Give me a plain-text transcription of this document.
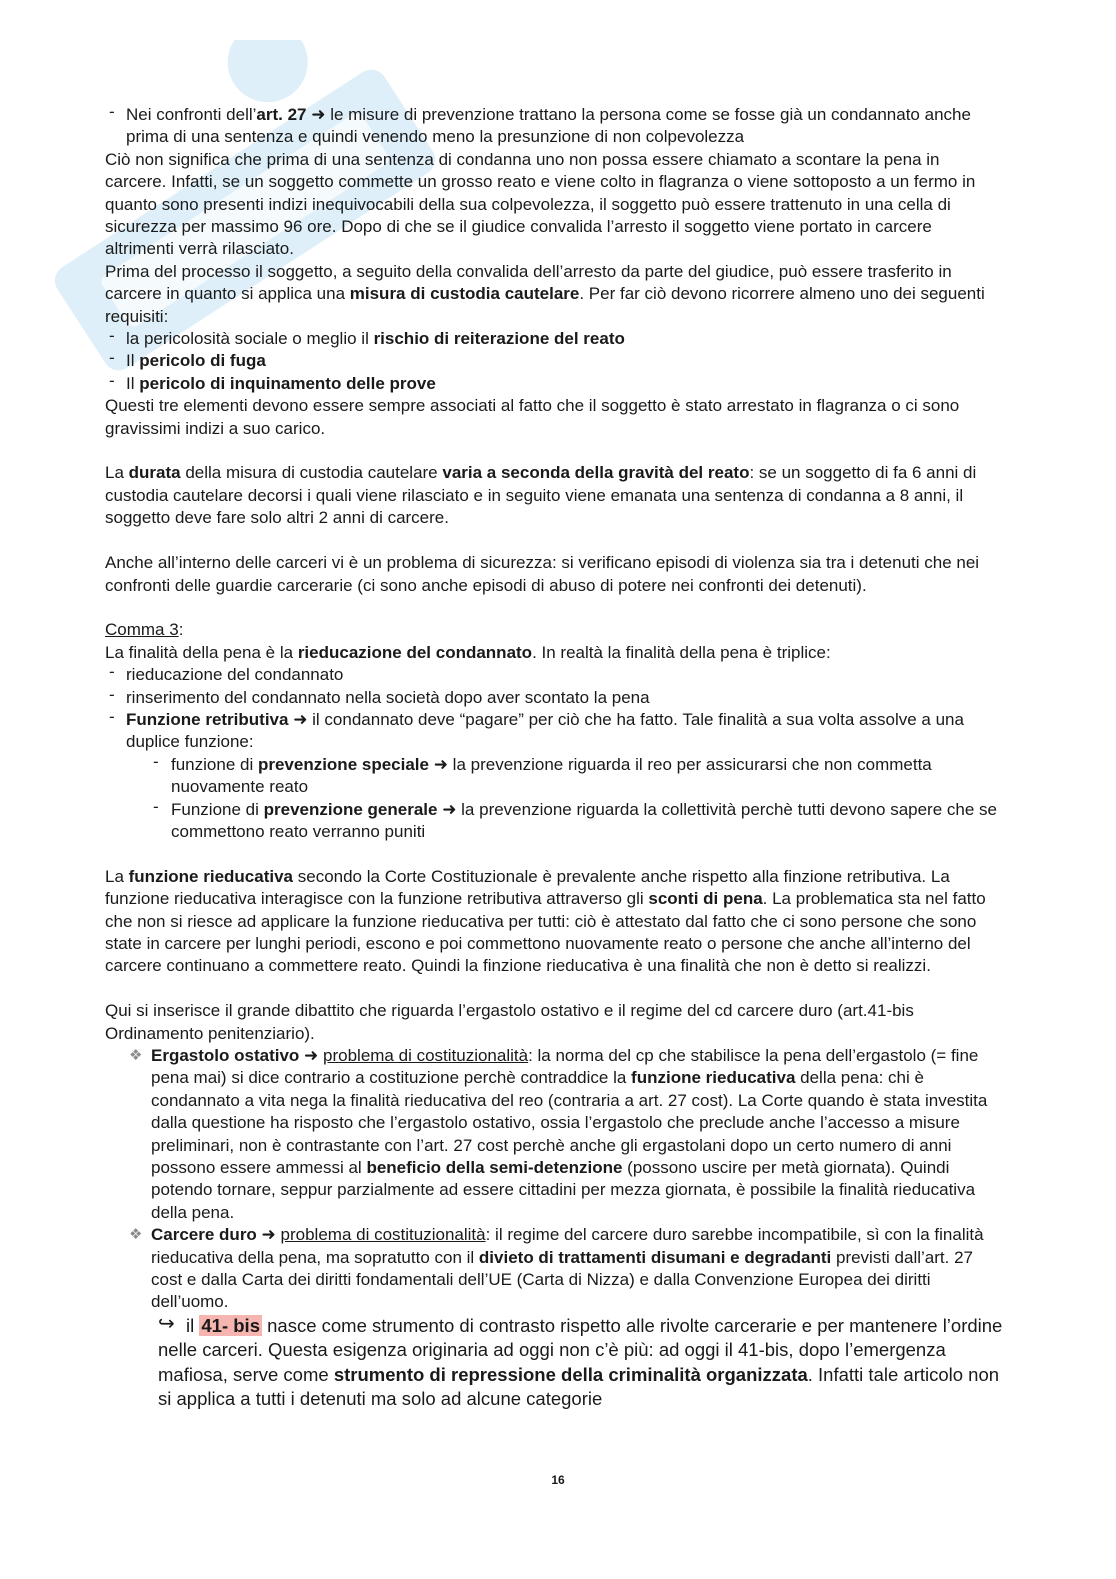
- Nei confronti dell’art. 27 ➜ le misure di prevenzione trattano la persona come se fosse già un condannato anche prima di una sentenza e quindi venendo meno la presunzione di non colpevolezza

Ciò non significa che prima di una sentenza di condanna uno non possa essere chiamato a scontare la pena in carcere. Infatti, se un soggetto commette un grosso reato e viene colto in flagranza o viene sottoposto a un fermo in quanto sono presenti indizi inequivocabili della sua colpevolezza, il soggetto può essere trattenuto in una cella di sicurezza per massimo 96 ore. Dopo di che se il giudice convalida l’arresto il soggetto viene portato in carcere altrimenti verrà rilasciato.

Prima del processo il soggetto, a seguito della convalida dell’arresto da parte del giudice, può essere trasferito in carcere in quanto si applica una misura di custodia cautelare. Per far ciò devono ricorrere almeno uno dei seguenti requisiti:

- la pericolosità sociale o meglio il rischio di reiterazione del reato

- Il pericolo di fuga

- Il pericolo di inquinamento delle prove

Questi tre elementi devono essere sempre associati al fatto che il soggetto è stato arrestato in flagranza o ci sono gravissimi indizi a suo carico.

La durata della misura di custodia cautelare varia a seconda della gravità del reato: se un soggetto di fa 6 anni di custodia cautelare decorsi i quali viene rilasciato e in seguito viene emanata una sentenza di condanna a 8 anni, il soggetto deve fare solo altri 2 anni di carcere.

Anche all’interno delle carceri vi è un problema di sicurezza: si verificano episodi di violenza sia tra i detenuti che nei confronti delle guardie carcerarie (ci sono anche episodi di abuso di potere nei confronti dei detenuti).

Comma 3:

La finalità della pena è la rieducazione del condannato. In realtà la finalità della pena è triplice:

- rieducazione del condannato

- rinserimento del condannato nella società dopo aver scontato la pena

- Funzione retributiva ➜ il condannato deve “pagare” per ciò che ha fatto. Tale finalità a sua volta assolve a una duplice funzione:

- funzione di prevenzione speciale ➜ la prevenzione riguarda il reo per assicurarsi che non commetta nuovamente reato

- Funzione di prevenzione generale ➜ la prevenzione riguarda la collettività perchè tutti devono sapere che se commettono reato verranno puniti

La funzione rieducativa secondo la Corte Costituzionale è prevalente anche rispetto alla finzione retributiva. La funzione rieducativa interagisce con la funzione retributiva attraverso gli sconti di pena. La problematica sta nel fatto che non si riesce ad applicare la funzione rieducativa per tutti: ciò è attestato dal fatto che ci sono persone che sono state in carcere per lunghi periodi, escono e poi commettono nuovamente reato o persone che anche all’interno del carcere continuano a commettere reato. Quindi la finzione rieducativa è una finalità che non è detto si realizzi.

Qui si inserisce il grande dibattito che riguarda l’ergastolo ostativo e il regime del cd carcere duro (art.41-bis Ordinamento penitenziario).

❖ Ergastolo ostativo ➜ problema di costituzionalità: la norma del cp che stabilisce la pena dell’ergastolo (= fine pena mai) si dice contrario a costituzione perchè contraddice la funzione rieducativa della pena: chi è condannato a vita nega la finalità rieducativa del reo (contraria a art. 27 cost). La Corte quando è stata investita dalla questione ha risposto che l’ergastolo ostativo, ossia l’ergastolo che preclude anche l’accesso a misure preliminari, non è contrastante con l’art. 27 cost perchè anche gli ergastolani dopo un certo numero di anni possono essere ammessi al beneficio della semi-detenzione (possono uscire per metà giornata). Quindi potendo tornare, seppur parzialmente ad essere cittadini per mezza giornata, è possibile la finalità rieducativa della pena.

❖ Carcere duro ➜ problema di costituzionalità: il regime del carcere duro sarebbe incompatibile, sì con la finalità rieducativa della pena, ma sopratutto con il divieto di trattamenti disumani e degradanti previsti dall’art. 27 cost e dalla Carta dei diritti fondamentali dell’UE (Carta di Nizza) e dalla Convenzione Europea dei diritti dell’uomo.

↪ il 41- bis nasce come strumento di contrasto rispetto alle rivolte carcerarie e per mantenere l’ordine nelle carceri. Questa esigenza originaria ad oggi non c’è più: ad oggi il 41-bis, dopo l’emergenza mafiosa, serve come strumento di repressione della criminalità organizzata. Infatti tale articolo non si applica a tutti i detenuti ma solo ad alcune categorie

16
